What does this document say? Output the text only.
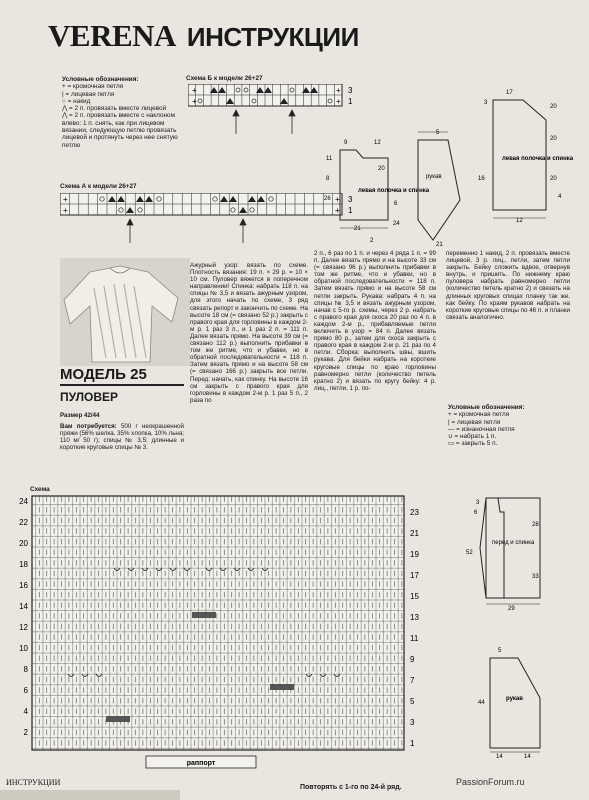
VERENA ИНСТРУКЦИИ
Условные обозначения:
+ = кромочная петля
| = лицевая петля
○ = накид
⋀ = 2 п. провязать вместе лицевой
⋀ = 2 п. провязать вместе с наклоном влево: 1 п. снять, как при лицевом вязании, следующую петлю провязать лицевой и протянуть через нее снятую петлю
Схема Б к модели 26+27
+
+
+
+
3
1
Схема А к модели 26+27
+
+
+
+
3
1
левая полочка и спинка
рукав
левая полочка и спинка
9
11
8
26
12
2
20
6
21
24
5
21
3
16
17
20
20
12
20
4
МОДЕЛЬ 25
ПУЛОВЕР
Размер 42/44
Вам потребуется: 500 г неокрашенной пряжи (56% шелка, 35% хлопка, 10% льна; 110 м/ 50 г); спицы № 3,5; длинные и короткие круговые спицы № 3.
Ажурный узор: вязать по схеме. Плотность вязания: 19 п. × 29 р. = 10 × 10 см. Пуловер вяжется в поперечном направлении! Спинка: набрать 118 п. на спицы № 3,5 и вязать ажурным узором, для этого начать по схеме, 3 ряд связать репорт и закончить по схеме. На высоте 18 см (= связано 52 р.) закрыть с правого края для горловины в каждом 2-м р. 1 раз 3 п., и 1 раз 2 п. = 111 п. Далее вязать прямо. На высоте 39 см (= связано 112 р.) выполнить прибавки в том же ритме, что и убавки, но в обратной последовательности = 118 п. Затем вязать прямо и на высоте 58 см (= связано 166 р.) закрыть все петли. Перед: начать, как спинку. На высоте 16 см закрыть с правого края для горловины в каждом 2-м р. 1 раз 5 п., 2 раза по
2 п., 6 раз по 1 п. и через 4 ряда 1 п. = 99 п. Далее вязать прямо и на высоте 33 см (= связано 96 р.) выполнить прибавки в том же ритме, что и убавки, но в обратной последовательности = 118 п. Затем вязать прямо и на высоте 58 см петли закрыть. Рукава: набрать 4 п. на спицы № 3,5 и вязать ажурным узором, начав с 5-го р. схемы, через 2 р. набрать с правого края для скоса 20 раз по 4 п. в каждом 2-м р., прибавляемые петли включить в узор = 84 п. Далее вязать прямо 80 р., затем для скоса закрыть с правого края в каждом 2-м р. 21 раз по 4 петли. Сборка: выполнить швы, вшить рукава. Для бейки набрать на короткие круговые спицы по краю горловины равномерно петли (количество петель кратно 2) и вязать по кругу бейку: 4 р. лиц., петли, 1 р. по-
переменно 1 накид, 2 п. провязать вместе лицевой, 3 р. лиц., петли, затем петли закрыть. Бейку сложить вдвое, отвернув внутрь, и пришить. По нижнему краю пуловера набрать равномерно петли (количество петель кратно 2) и связать на длинных круговых спицах планку так же, как бейку. По краям рукавов набрать на короткие круговые спицы по 46 п. и планки связать аналогично.
Условные обозначения:
+ = кромочная петля
| = лицевая петля
— = изнаночная петля
∪ = набрать 1 п.
▭ = закрыть 5 п.
Схема
раппорт
24
22
20
18
16
14
12
10
8
6
4
2
23
21
19
17
15
13
11
9
7
5
3
1
Повторять с 1-го по 24-й ряд.
перед и спинка
рукав
3
6
28
52
33
29
5
44
14	14
ИНСТРУКЦИИ	PassionForum.ru
